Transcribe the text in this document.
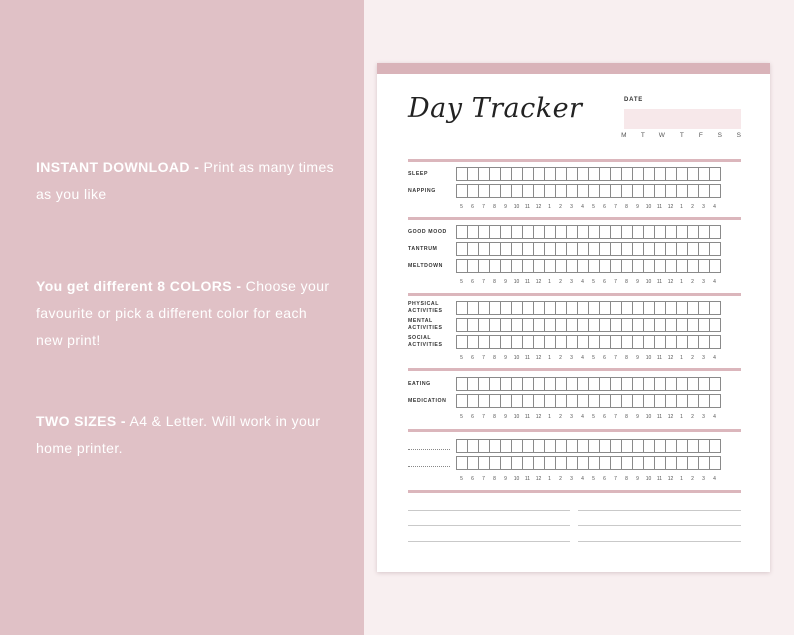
INSTANT DOWNLOAD - Print as many times as you like
You get different 8 COLORS - Choose your favourite or pick a different color for each new print!
TWO SIZES - A4 & Letter. Will work in your home printer.
Day Tracker	DATE
M	T	W	T	F	S	S
SLEEP
NAPPING
5	6	7	8	9	10	11	12	1	2	3	4	5	6	7	8	9	10	11	12	1	2	3	4
GOOD MOOD
TANTRUM
MELTDOWN
5	6	7	8	9	10	11	12	1	2	3	4	5	6	7	8	9	10	11	12	1	2	3	4
PHYSICAL ACTIVITIES
MENTAL ACTIVITIES
SOCIAL ACTIVITIES
5	6	7	8	9	10	11	12	1	2	3	4	5	6	7	8	9	10	11	12	1	2	3	4
EATING
MEDICATION
5	6	7	8	9	10	11	12	1	2	3	4	5	6	7	8	9	10	11	12	1	2	3	4
5	6	7	8	9	10	11	12	1	2	3	4	5	6	7	8	9	10	11	12	1	2	3	4
